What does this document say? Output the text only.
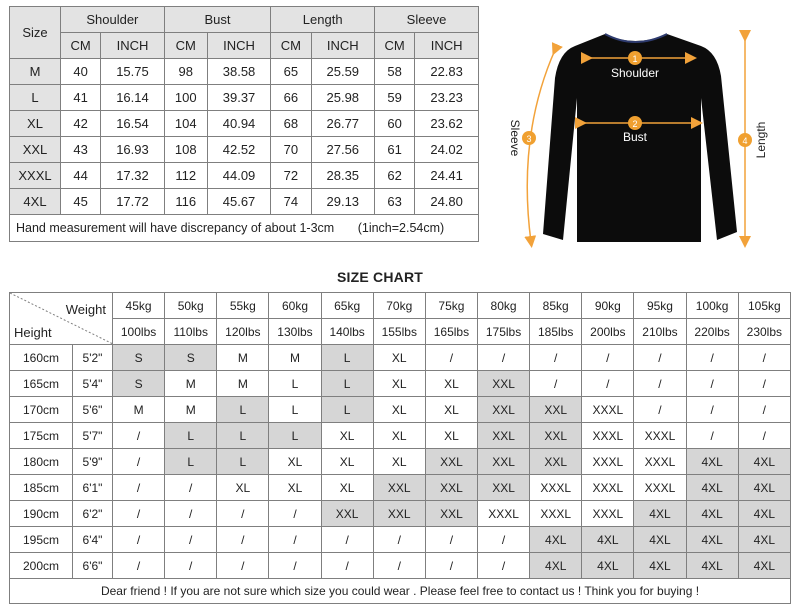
Size	Shoulder		Bust		Length		Sleeve	
	CM	INCH	CM	INCH	CM	INCH	CM	INCH
M	40	15.75	98	38.58	65	25.59	58	22.83
L	41	16.14	100	39.37	66	25.98	59	23.23
XL	42	16.54	104	40.94	68	26.77	60	23.62
XXL	43	16.93	108	42.52	70	27.56	61	24.02
XXXL	44	17.32	112	44.09	72	28.35	62	24.41
4XL	45	17.72	116	45.67	74	29.13	63	24.80
Hand measurement will have discrepancy of about 1-3cm (1inch=2.54cm)								
1
Shoulder
2
Bust
3
Sleeve	4 Length
SIZE CHART
Weight
Height		45kg	50kg	55kg	60kg	65kg	70kg	75kg	80kg	85kg	90kg	95kg	100kg	105kg
		100lbs	110lbs	120lbs	130lbs	140lbs	155lbs	165lbs	175lbs	185lbs	200lbs	210lbs	220lbs	230lbs
160cm	5'2"	S	S	M	M	L	XL	/	/	/	/	/	/	/
165cm	5'4"	S	M	M	L	L	XL	XL	XXL	/	/	/	/	/
170cm	5'6"	M	M	L	L	L	XL	XL	XXL	XXL	XXXL	/	/	/
175cm	5'7"	/	L	L	L	XL	XL	XL	XXL	XXL	XXXL	XXXL	/	/
180cm	5'9"	/	L	L	XL	XL	XL	XXL	XXL	XXL	XXXL	XXXL	4XL	4XL
185cm	6'1"	/	/	XL	XL	XL	XXL	XXL	XXL	XXXL	XXXL	XXXL	4XL	4XL
190cm	6'2"	/	/	/	/	XXL	XXL	XXL	XXXL	XXXL	XXXL	4XL	4XL	4XL
195cm	6'4"	/	/	/	/	/	/	/	/	4XL	4XL	4XL	4XL	4XL
200cm	6'6"	/	/	/	/	/	/	/	/	4XL	4XL	4XL	4XL	4XL
Dear friend ! If you are not sure which size you could wear . Please feel free to contact us ! Think you for buying !														
